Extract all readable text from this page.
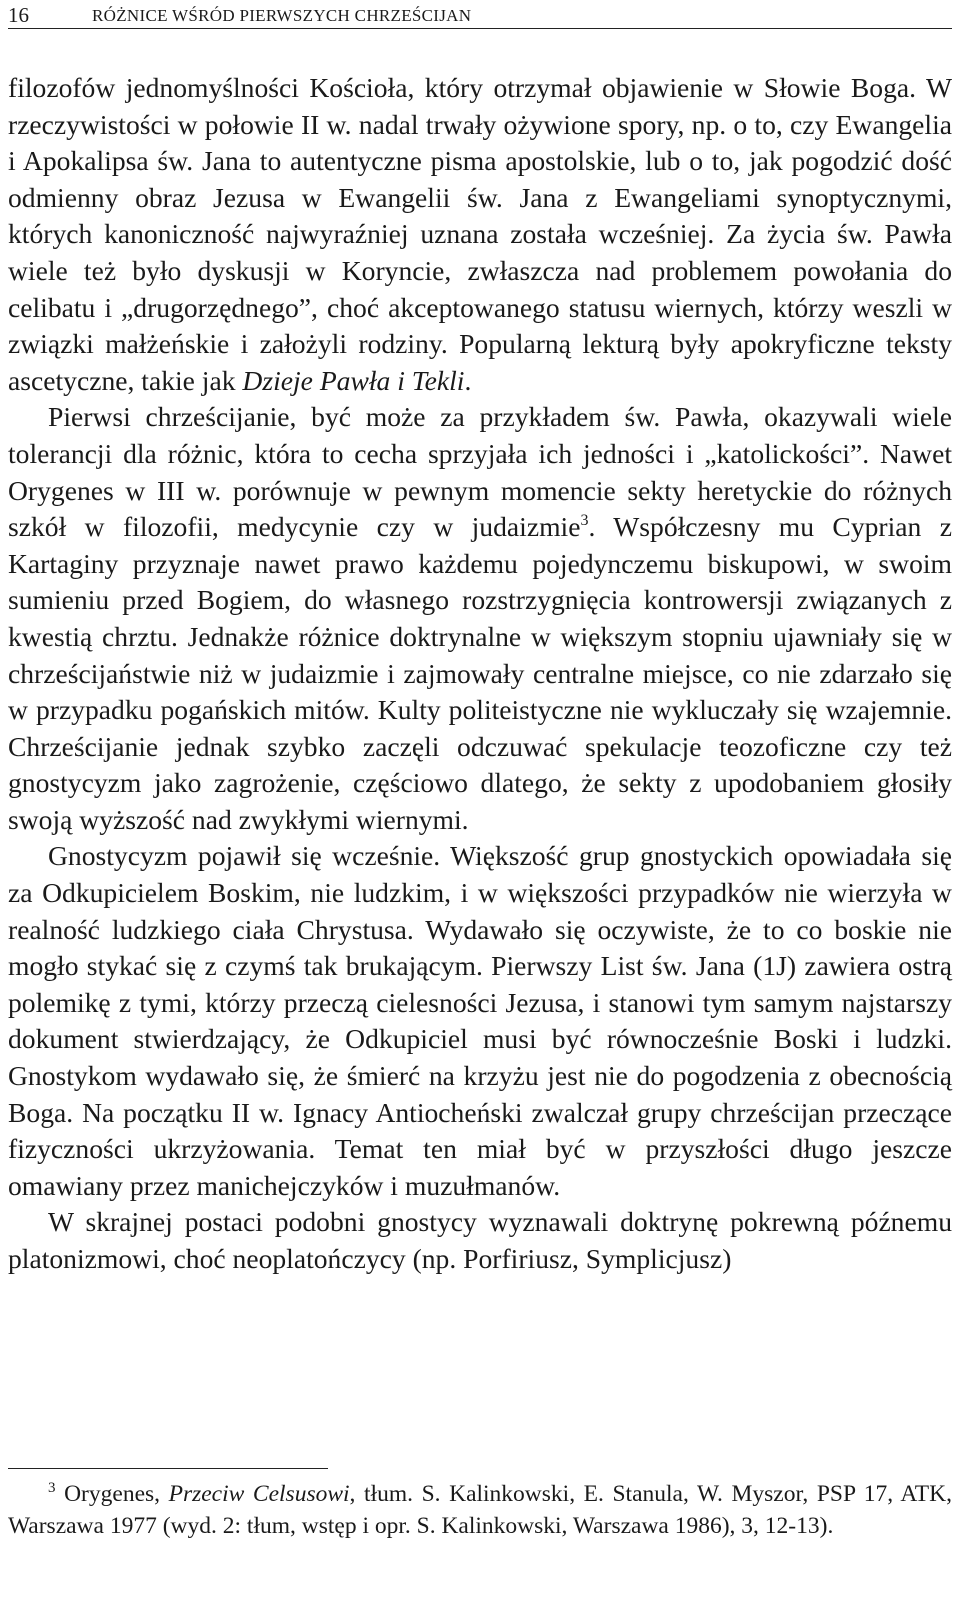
16	RÓŻNICE WŚRÓD PIERWSZYCH CHRZEŚCIJAN

filozofów jednomyślności Kościoła, który otrzymał objawienie w Słowie Boga. W rzeczywistości w połowie II w. nadal trwały ożywione spory, np. o to, czy Ewangelia i Apokalipsa św. Jana to autentyczne pisma apostolskie, lub o to, jak pogodzić dość odmienny obraz Jezusa w Ewangelii św. Jana z Ewangeliami synoptycznymi, których kanoniczność najwyraźniej uznana została wcześniej. Za życia św. Pawła wiele też było dyskusji w Koryncie, zwłaszcza nad problemem powołania do celibatu i „drugorzędnego”, choć akceptowanego statusu wiernych, którzy weszli w związki małżeńskie i założyli rodziny. Popularną lekturą były apokryficzne teksty ascetyczne, takie jak Dzieje Pawła i Tekli.

Pierwsi chrześcijanie, być może za przykładem św. Pawła, okazywali wiele tolerancji dla różnic, która to cecha sprzyjała ich jedności i „katolickości”. Nawet Orygenes w III w. porównuje w pewnym momencie sekty heretyckie do różnych szkół w filozofii, medycynie czy w judaizmie$^3$. Współczesny mu Cyprian z Kartaginy przyznaje nawet prawo każdemu pojedynczemu biskupowi, w swoim sumieniu przed Bogiem, do własnego rozstrzygnięcia kontrowersji związanych z kwestią chrztu. Jednakże różnice doktrynalne w większym stopniu ujawniały się w chrześcijaństwie niż w judaizmie i zajmowały centralne miejsce, co nie zdarzało się w przypadku pogańskich mitów. Kulty politeistyczne nie wykluczały się wzajemnie. Chrześcijanie jednak szybko zaczęli odczuwać spekulacje teozoficzne czy też gnostycyzm jako zagrożenie, częściowo dlatego, że sekty z upodobaniem głosiły swoją wyższość nad zwykłymi wiernymi.

Gnostycyzm pojawił się wcześnie. Większość grup gnostyckich opowiadała się za Odkupicielem Boskim, nie ludzkim, i w większości przypadków nie wierzyła w realność ludzkiego ciała Chrystusa. Wydawało się oczywiste, że to co boskie nie mogło stykać się z czymś tak brukającym. Pierwszy List św. Jana (1J) zawiera ostrą polemikę z tymi, którzy przeczą cielesności Jezusa, i stanowi tym samym najstarszy dokument stwierdzający, że Odkupiciel musi być równocześnie Boski i ludzki. Gnostykom wydawało się, że śmierć na krzyżu jest nie do pogodzenia z obecnością Boga. Na początku II w. Ignacy Antiocheński zwalczał grupy chrześcijan przeczące fizyczności ukrzyżowania. Temat ten miał być w przyszłości długo jeszcze omawiany przez manichejczyków i muzułmanów.

W skrajnej postaci podobni gnostycy wyznawali doktrynę pokrewną późnemu platonizmowi, choć neoplatończycy (np. Porfiriusz, Symplicjusz)

$^3$ Orygenes, Przeciw Celsusowi, tłum. S. Kalinkowski, E. Stanula, W. Myszor, PSP 17, ATK, Warszawa 1977 (wyd. 2: tłum, wstęp i opr. S. Kalinkowski, Warszawa 1986), 3, 12-13).
